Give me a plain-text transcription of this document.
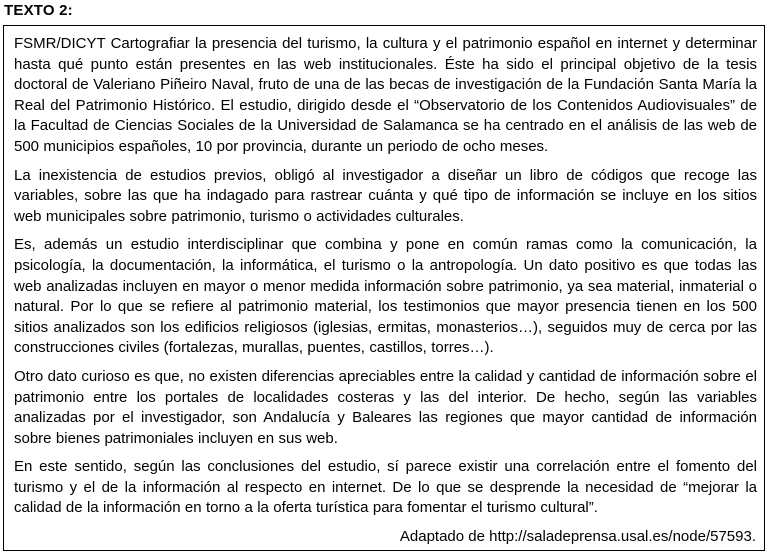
TEXTO 2:

FSMR/DICYT Cartografiar la presencia del turismo, la cultura y el patrimonio español en internet y determinar hasta qué punto están presentes en las web institucionales. Éste ha sido el principal objetivo de la tesis doctoral de Valeriano Piñeiro Naval, fruto de una de las becas de investigación de la Fundación Santa María la Real del Patrimonio Histórico. El estudio, dirigido desde el “Observatorio de los Contenidos Audiovisuales” de la Facultad de Ciencias Sociales de la Universidad de Salamanca se ha centrado en el análisis de las web de 500 municipios españoles, 10 por provincia, durante un periodo de ocho meses.

La inexistencia de estudios previos, obligó al investigador a diseñar un libro de códigos que recoge las variables, sobre las que ha indagado para rastrear cuánta y qué tipo de información se incluye en los sitios web municipales sobre patrimonio, turismo o actividades culturales.

Es, además un estudio interdisciplinar que combina y pone en común ramas como la comunicación, la psicología, la documentación, la informática, el turismo o la antropología. Un dato positivo es que todas las web analizadas incluyen en mayor o menor medida información sobre patrimonio, ya sea material, inmaterial o natural. Por lo que se refiere al patrimonio material, los testimonios que mayor presencia tienen en los 500 sitios analizados son los edificios religiosos (iglesias, ermitas, monasterios…), seguidos muy de cerca por las construcciones civiles (fortalezas, murallas, puentes, castillos, torres…).

Otro dato curioso es que, no existen diferencias apreciables entre la calidad y cantidad de información sobre el patrimonio entre los portales de localidades costeras y las del interior. De hecho, según las variables analizadas por el investigador, son Andalucía y Baleares las regiones que mayor cantidad de información sobre bienes patrimoniales incluyen en sus web.

En este sentido, según las conclusiones del estudio, sí parece existir una correlación entre el fomento del turismo y el de la información al respecto en internet. De lo que se desprende la necesidad de “mejorar la calidad de la información en torno a la oferta turística para fomentar el turismo cultural”.

Adaptado de http://saladeprensa.usal.es/node/57593.
